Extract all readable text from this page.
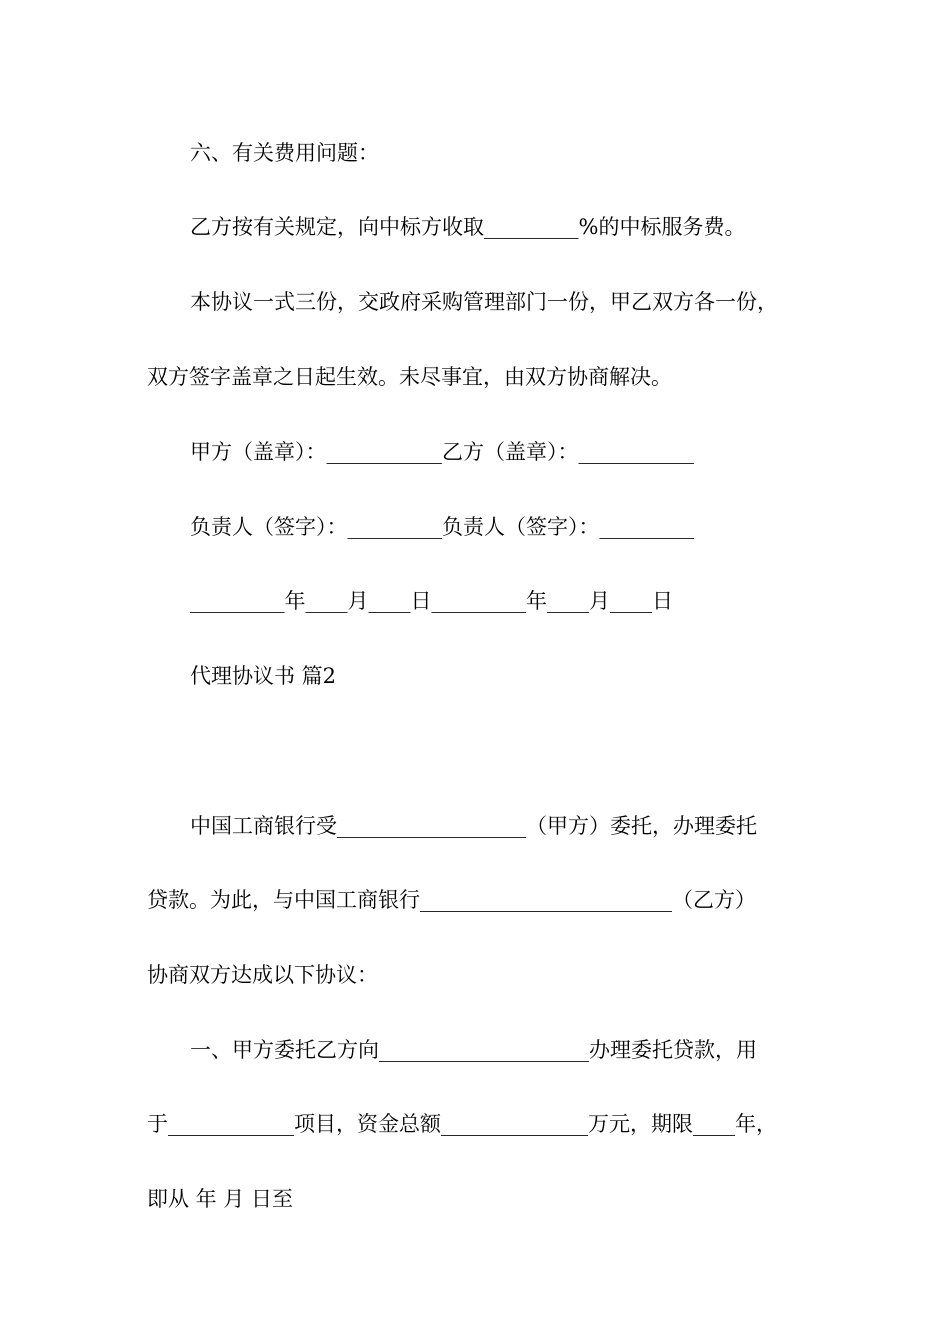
六、有关费用问题：

乙方按有关规定，向中标方收取_________%的中标服务费。

本协议一式三份，交政府采购管理部门一份，甲乙双方各一份，

双方签字盖章之日起生效。未尽事宜，由双方协商解决。

甲方（盖章）：___________乙方（盖章）：___________

负责人（签字）：_________负责人（签字）：_________

_________年____月____日_________年____月____日

代理协议书 篇2

中国工商银行受__________________（甲方）委托，办理委托

贷款。为此，与中国工商银行________________________（乙方）

协商双方达成以下协议：

一、甲方委托乙方向____________________办理委托贷款，用

于____________项目，资金总额______________万元，期限____年，

即从 年 月 日至
